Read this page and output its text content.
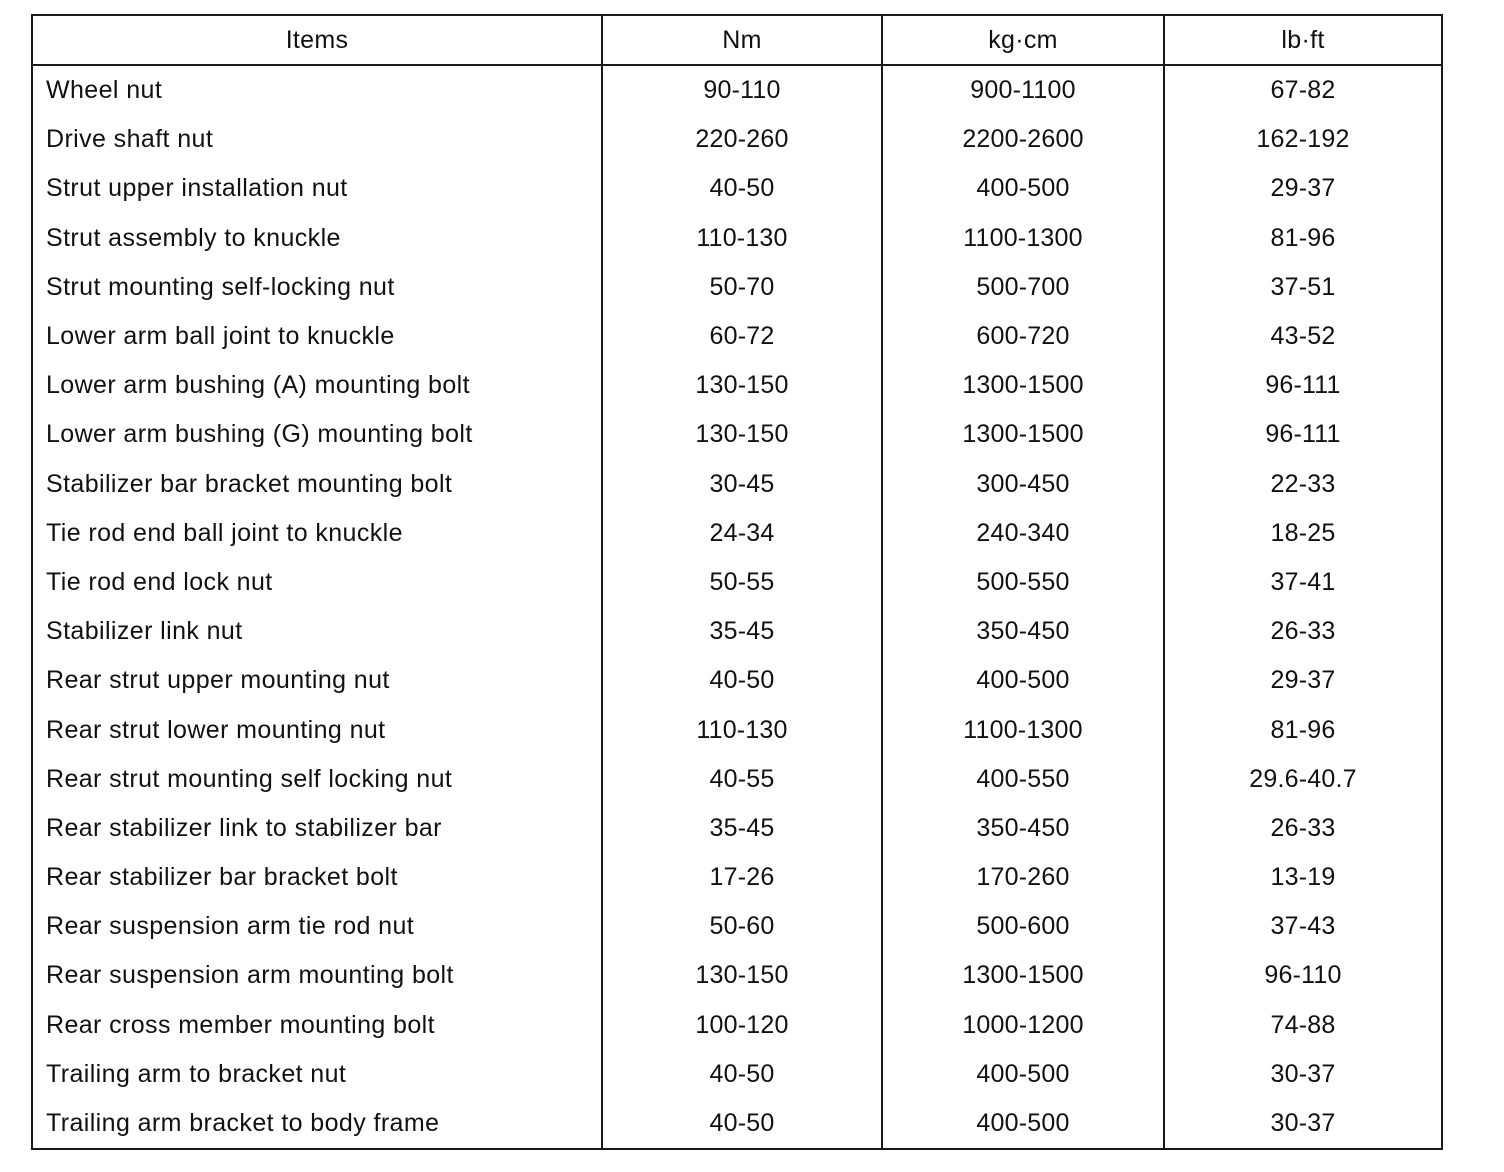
Items	Nm	kg·cm	lb·ft
Wheel nut	90-110	900-1100	67-82
Drive shaft nut	220-260	2200-2600	162-192
Strut upper installation nut	40-50	400-500	29-37
Strut assembly to knuckle	110-130	1100-1300	81-96
Strut mounting self-locking nut	50-70	500-700	37-51
Lower arm ball joint to knuckle	60-72	600-720	43-52
Lower arm bushing (A) mounting bolt	130-150	1300-1500	96-111
Lower arm bushing (G) mounting bolt	130-150	1300-1500	96-111
Stabilizer bar bracket mounting bolt	30-45	300-450	22-33
Tie rod end ball joint to knuckle	24-34	240-340	18-25
Tie rod end lock nut	50-55	500-550	37-41
Stabilizer link nut	35-45	350-450	26-33
Rear strut upper mounting nut	40-50	400-500	29-37
Rear strut lower mounting nut	110-130	1100-1300	81-96
Rear strut mounting self locking nut	40-55	400-550	29.6-40.7
Rear stabilizer link to stabilizer bar	35-45	350-450	26-33
Rear stabilizer bar bracket bolt	17-26	170-260	13-19
Rear suspension arm tie rod nut	50-60	500-600	37-43
Rear suspension arm mounting bolt	130-150	1300-1500	96-110
Rear cross member mounting bolt	100-120	1000-1200	74-88
Trailing arm to bracket nut	40-50	400-500	30-37
Trailing arm bracket to body frame	40-50	400-500	30-37
